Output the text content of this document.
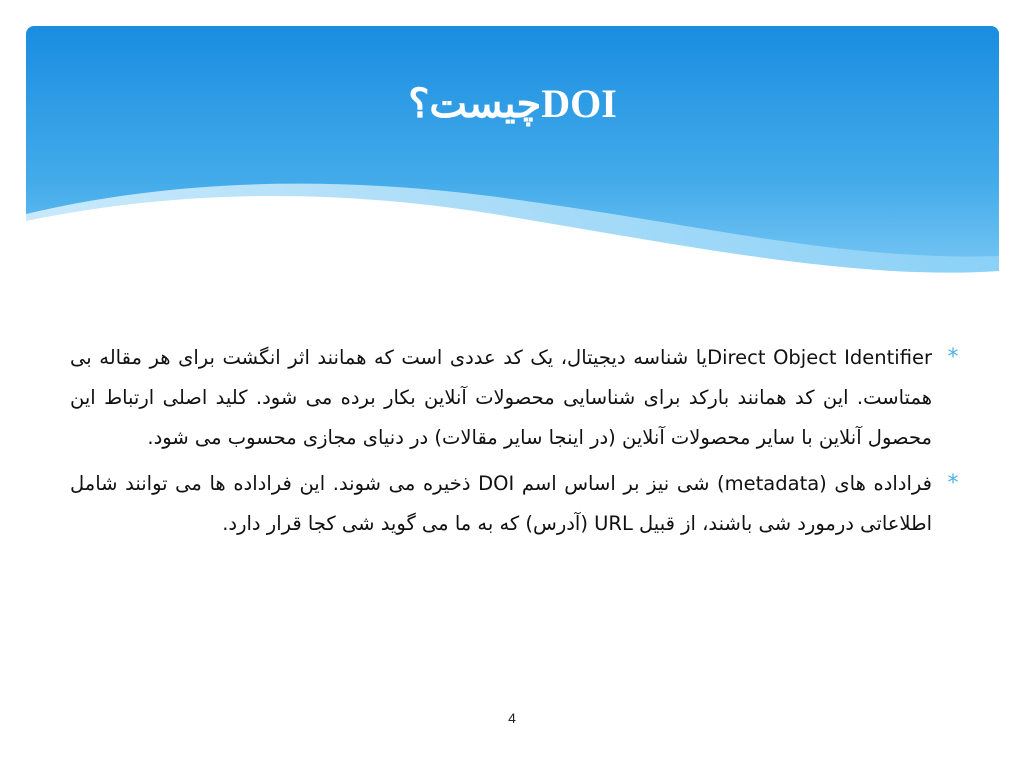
DOIچیست؟
*
Direct Object Identifierیا شناسه دیجیتال، یک کد عددی است که همانند اثر انگشت برای هر مقاله بی همتاست. این کد همانند بارکد برای شناسایی محصولات آنلاین بکار برده می شود. کلید اصلی ارتباط این محصول آنلاین با سایر محصولات آنلاین (در اینجا سایر مقالات) در دنیای مجازی محسوب می شود.
*
فراداده های (metadata) شی نیز بر اساس اسم DOI ذخیره می شوند. این فراداده ها می توانند شامل اطلاعاتی درمورد شی باشند، از قبیل URL (آدرس) که به ما می گوید شی کجا قرار دارد.
4
